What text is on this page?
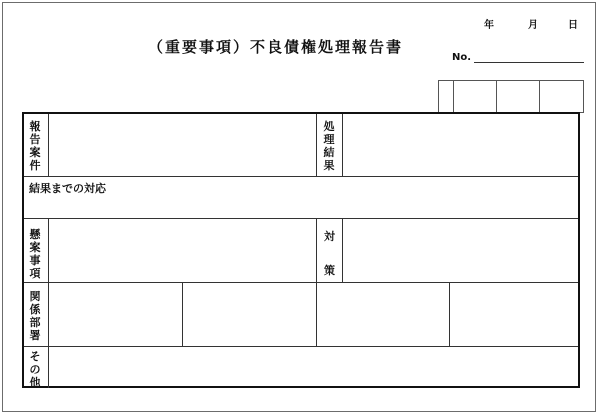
年	月	日
（重要事項）不良債権処理報告書
No.
報告案件
処理結果
結果までの対応
懸案事項
対
策
関係部署
その他
